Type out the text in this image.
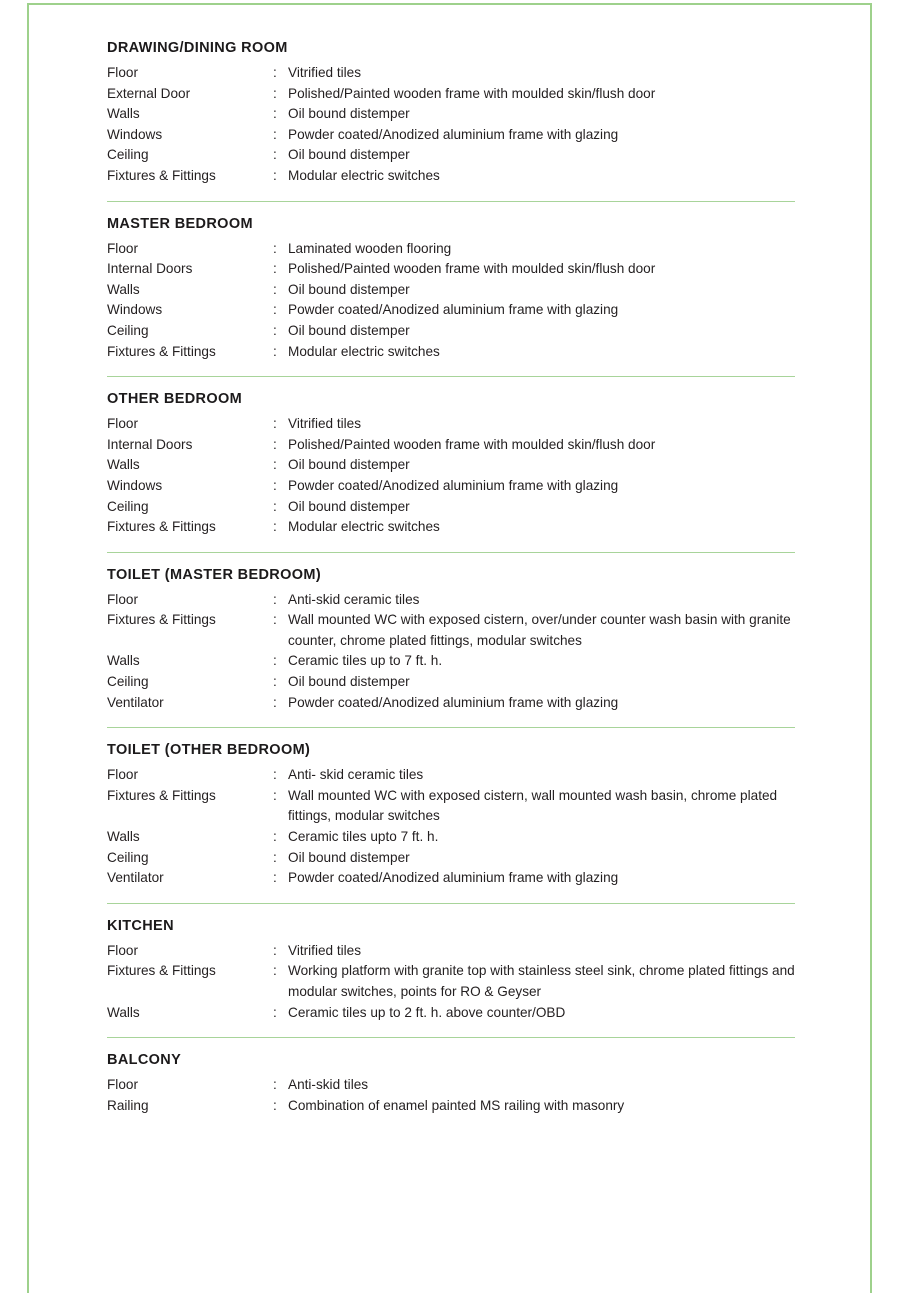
DRAWING/DINING ROOM
Floor	: Vitrified tiles
External Door	: Polished/Painted wooden frame with moulded skin/flush door
Walls	: Oil bound distemper
Windows	: Powder coated/Anodized aluminium frame with glazing
Ceiling	: Oil bound distemper
Fixtures & Fittings	: Modular electric switches
MASTER BEDROOM
Floor	: Laminated wooden flooring
Internal Doors	: Polished/Painted wooden frame with moulded skin/flush door
Walls	: Oil bound distemper
Windows	: Powder coated/Anodized aluminium frame with glazing
Ceiling	: Oil bound distemper
Fixtures & Fittings	: Modular electric switches
OTHER BEDROOM
Floor	: Vitrified tiles
Internal Doors	: Polished/Painted wooden frame with moulded skin/flush door
Walls	: Oil bound distemper
Windows	: Powder coated/Anodized aluminium frame with glazing
Ceiling	: Oil bound distemper
Fixtures & Fittings	: Modular electric switches
TOILET (MASTER BEDROOM)
Floor	: Anti-skid ceramic tiles
Fixtures & Fittings	: Wall mounted WC with exposed cistern, over/under counter wash basin with granite counter, chrome plated fittings, modular switches
Walls	: Ceramic tiles up to 7 ft. h.
Ceiling	: Oil bound distemper
Ventilator	: Powder coated/Anodized aluminium frame with glazing
TOILET (OTHER BEDROOM)
Floor	: Anti- skid ceramic tiles
Fixtures & Fittings	: Wall mounted WC with exposed cistern, wall mounted wash basin, chrome plated fittings, modular switches
Walls	: Ceramic tiles upto 7 ft. h.
Ceiling	: Oil bound distemper
Ventilator	: Powder coated/Anodized aluminium frame with glazing
KITCHEN
Floor	: Vitrified tiles
Fixtures & Fittings	: Working platform with granite top with stainless steel sink, chrome plated fittings and modular switches, points for RO & Geyser
Walls	: Ceramic tiles up to 2 ft. h. above counter/OBD
BALCONY
Floor	: Anti-skid tiles
Railing	: Combination of enamel painted MS railing with masonry
